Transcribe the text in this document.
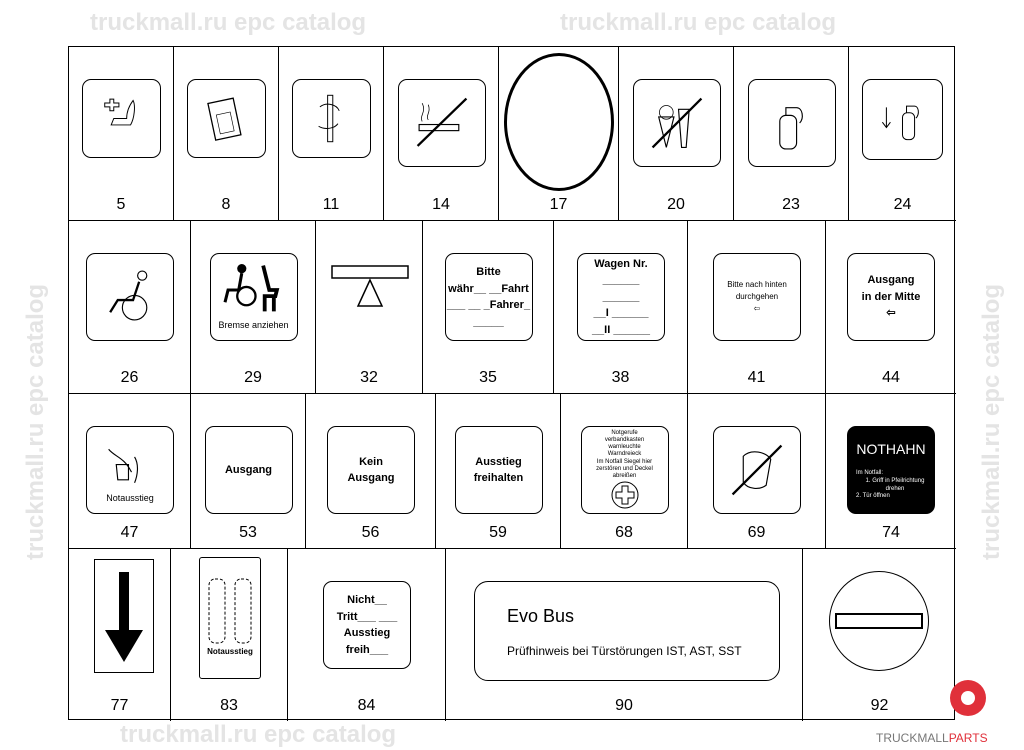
truckmall.ru epc catalog	truckmall.ru epc catalog
truckmall.ru epc catalog	truckmall.ru epc catalog
truckmall.ru epc catalog
5	8	11	14	17	20	23	24
26	29
Bremse anziehen
32	35
Bitte
währ__ __Fahrt
___ __ _Fahrer_
_____
38
Wagen Nr.
______
______
__I ______
__II ______
41
Bitte nach hinten
durchgehen
⇦
44
Ausgang
in der Mitte
⇦
47
Notausstieg
53
Ausgang
56
Kein
Ausgang
59
Ausstieg
freihalten
68
Notgerufe
verbandkasten
warnleuchte
Warndreieck
Im Notfall Siegel hier
zerstören und Deckel
abreißen
69	74
NOTHAHN
Im Notfall:
1. Griff in Pfeilrichtung drehen
2. Tür öffnen
77	83
Notausstieg
84
Nicht__
Tritt___ ___
Ausstieg
freih___
90
Evo Bus
Prüfhinweis bei Türstörungen IST, AST, SST
92
TRUCKMALLPARTS
